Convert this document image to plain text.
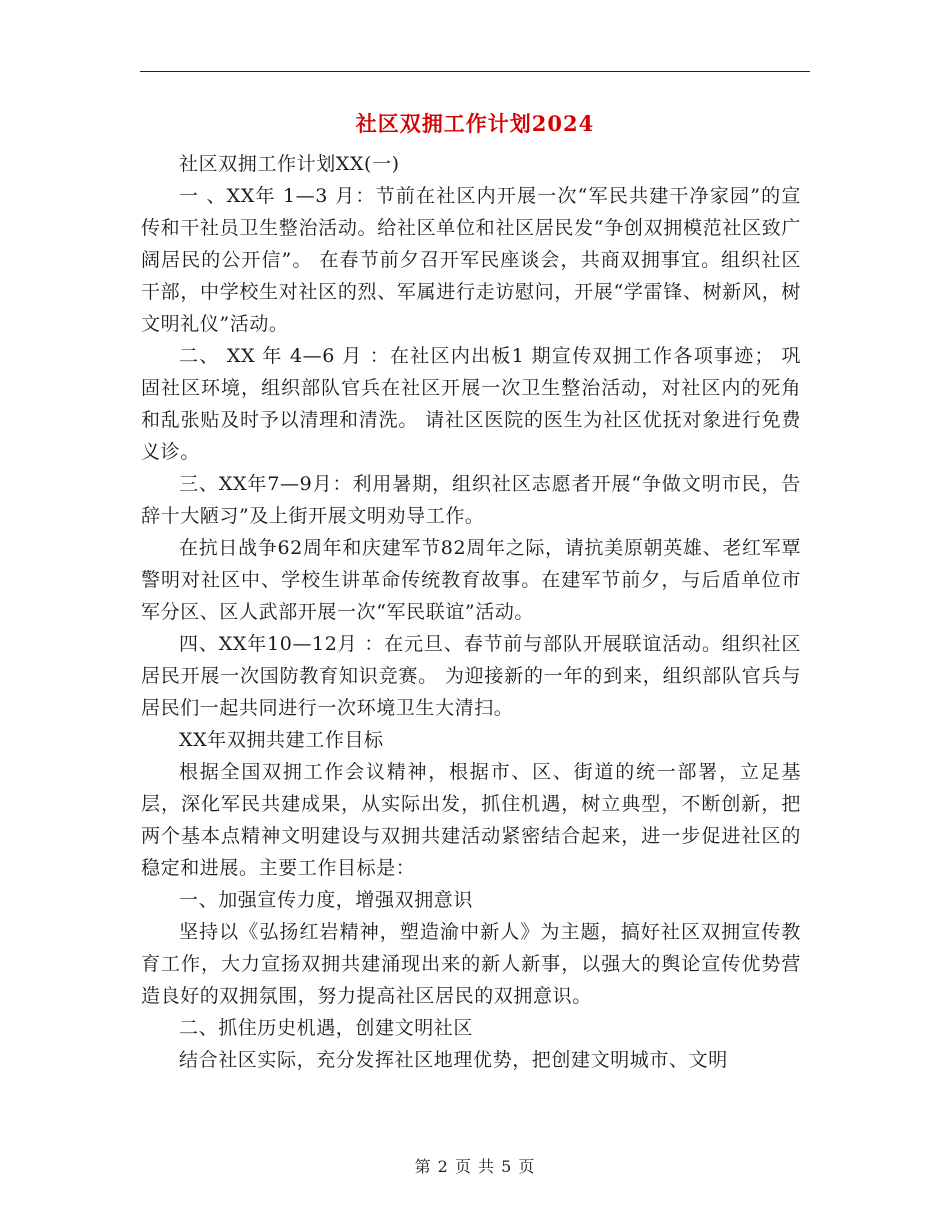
社区双拥工作计划2024

社区双拥工作计划XX(一)

一 、XX年 1—3 月：节前在社区内开展一次“军民共建干净家园”的宣传和干社员卫生整治活动。给社区单位和社区居民发“争创双拥模范社区致广阔居民的公开信”。 在春节前夕召开军民座谈会，共商双拥事宜。组织社区干部，中学校生对社区的烈、军属进行走访慰问，开展“学雷锋、树新风，树文明礼仪”活动。

二、 XX 年 4—6 月 ：在社区内出板1 期宣传双拥工作各项事迹； 巩固社区环境，组织部队官兵在社区开展一次卫生整治活动，对社区内的死角和乱张贴及时予以清理和清洗。 请社区医院的医生为社区优抚对象进行免费义诊。

三、XX年7—9月：利用暑期，组织社区志愿者开展“争做文明市民，告辞十大陋习”及上街开展文明劝导工作。

在抗日战争62周年和庆建军节82周年之际，请抗美原朝英雄、老红军覃警明对社区中、学校生讲革命传统教育故事。在建军节前夕，与后盾单位市军分区、区人武部开展一次“军民联谊”活动。

四、XX年10—12月 ：在元旦、春节前与部队开展联谊活动。组织社区居民开展一次国防教育知识竞赛。 为迎接新的一年的到来，组织部队官兵与居民们一起共同进行一次环境卫生大清扫。

XX年双拥共建工作目标

根据全国双拥工作会议精神，根据市、区、街道的统一部署，立足基层，深化军民共建成果，从实际出发，抓住机遇，树立典型，不断创新，把两个基本点精神文明建设与双拥共建活动紧密结合起来，进一步促进社区的稳定和进展。主要工作目标是：

一、加强宣传力度，增强双拥意识

坚持以《弘扬红岩精神，塑造渝中新人》为主题，搞好社区双拥宣传教育工作，大力宣扬双拥共建涌现出来的新人新事，以强大的舆论宣传优势营造良好的双拥氛围，努力提高社区居民的双拥意识。

二、抓住历史机遇，创建文明社区

结合社区实际，充分发挥社区地理优势，把创建文明城市、文明

第 2 页 共 5 页
